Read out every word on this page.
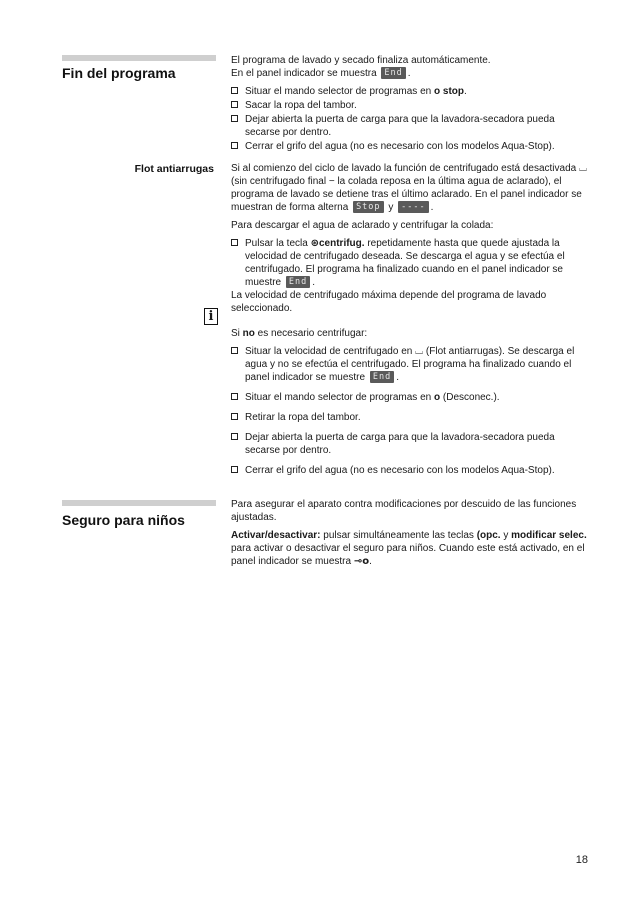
Fin del programa

El programa de lavado y secado finaliza automáticamente.

En el panel indicador se muestra End .

Situar el mando selector de programas en o stop.
Sacar la ropa del tambor.
Dejar abierta la puerta de carga para que la lavadora-secadora pueda secarse por dentro.
Cerrar el grifo del agua (no es necesario con los modelos Aqua-Stop).
Flot antiarrugas Si al comienzo del ciclo de lavado la función de centrifugado está desactivada ⌴ (sin centrifugado final − la colada reposa en la última agua de aclarado), el programa de lavado se detiene tras el último aclarado. En el panel indicador se muestran de forma alterna Stop y ---- .

Para descargar el agua de aclarado y centrifugar la colada:

Pulsar la tecla ⊛centrifug. repetidamente hasta que quede ajustada la velocidad de centrifugado deseada. Se descarga el agua y se efectúa el centrifugado. El programa ha finalizado cuando en el panel indicador se muestre End .

La velocidad de centrifugado máxima depende del programa de lavado seleccionado.

Si no es necesario centrifugar:

Situar la velocidad de centrifugado en ⌴ (Flot antiarrugas). Se descarga el agua y no se efectúa el centrifugado. El programa ha finalizado cuando el panel indicador se muestre End .
Situar el mando selector de programas en o (Desconec.).
Retirar la ropa del tambor.
Dejar abierta la puerta de carga para que la lavadora-secadora pueda secarse por dentro.
Cerrar el grifo del agua (no es necesario con los modelos Aqua-Stop).
i
Seguro para niños

Para asegurar el aparato contra modificaciones por descuido de las funciones ajustadas.

Activar/desactivar: pulsar simultáneamente las teclas (opc. y modificar selec. para activar o desactivar el seguro para niños. Cuando este está activado, en el panel indicador se muestra ⊸o.

18
